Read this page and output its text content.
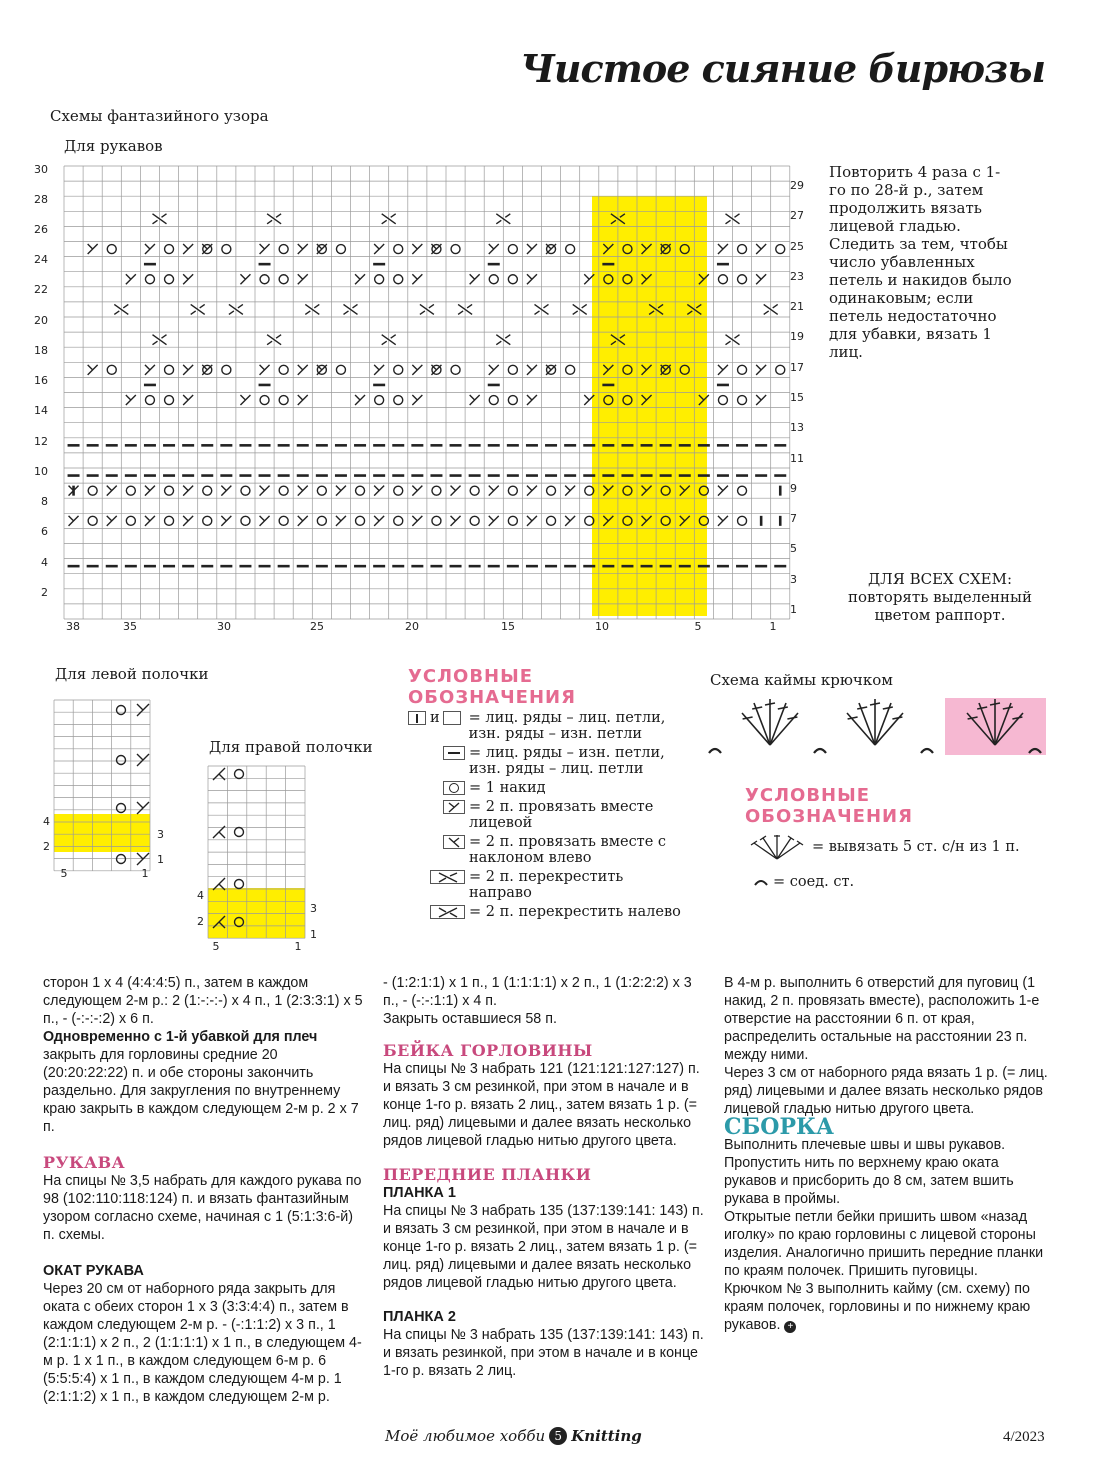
Чистое сияние бирюзы
Схемы фантазийного узора
Для рукавов
30
28
26
24
22
20
18
16
14
12
10
8
6
4
2
29
27
25
23
21
19
17
15
13
11
9
7
5
3
1
38	35	30	25	20	15	10	5	1
Повторить 4 раза с 1-го по 28-й р., затем продолжить вязать лицевой гладью. Следить за тем, чтобы число убавленных петель и накидов было одинаковым; если петель недостаточно для убавки, вязать 1 лиц.
ДЛЯ ВСЕХ СХЕМ: повторять выделенный цветом раппорт.
Для левой полочки
4
2
3
1
5	1
Для правой полочки
4
2
3
1
5	1
УСЛОВНЫЕ ОБОЗНАЧЕНИЯ
и = лиц. ряды – лиц. петли, изн. ряды – изн. петли
= лиц. ряды – изн. петли, изн. ряды – лиц. петли
= 1 накид
= 2 п. провязать вместе лицевой
= 2 п. провязать вместе с наклоном влево
= 2 п. перекрестить направо
= 2 п. перекрестить налево
Схема каймы крючком
УСЛОВНЫЕ ОБОЗНАЧЕНИЯ
= вывязать 5 ст. с/н из 1 п.
= соед. ст.

сторон 1 х 4 (4:4:4:5) п., затем в каждом следующем 2-м р.: 2 (1:-:-:-) х 4 п., 1 (2:3:3:1) х 5 п., - (-:-:-:2) х 6 п.

Одновременно с 1-й убавкой для плеч

закрыть для горловины средние 20 (20:20:22:22) п. и обе стороны закончить раздельно. Для закругления по внутреннему краю закрыть в каждом следующем 2-м р. 2 х 7 п.

РУКАВА

На спицы № 3,5 набрать для каждого рукава по 98 (102:110:118:124) п. и вязать фантазийным узором согласно схеме, начиная с 1 (5:1:3:6-й) п. схемы.

ОКАТ РУКАВА

Через 20 см от наборного ряда закрыть для оката с обеих сторон 1 х 3 (3:3:4:4) п., затем в каждом следующем 2-м р. - (-:1:1:2) х 3 п., 1 (2:1:1:1) х 2 п., 2 (1:1:1:1) х 1 п., в следующем 4-м р. 1 х 1 п., в каждом следующем 6-м р. 6 (5:5:5:4) х 1 п., в каждом следующем 4-м р. 1 (2:1:1:2) х 1 п., в каждом следующем 2-м р.

- (1:2:1:1) х 1 п., 1 (1:1:1:1) х 2 п., 1 (1:2:2:2) х 3 п., - (-:-:1:1) х 4 п.

Закрыть оставшиеся 58 п.

БЕЙКА ГОРЛОВИНЫ

На спицы № 3 набрать 121 (121:121:127:127) п. и вязать 3 см резинкой, при этом в начале и в конце 1-го р. вязать 2 лиц., затем вязать 1 р. (= лиц. ряд) лицевыми и далее вязать несколько рядов лицевой гладью нитью другого цвета.

ПЕРЕДНИЕ ПЛАНКИ

ПЛАНКА 1

На спицы № 3 набрать 135 (137:139:141: 143) п. и вязать 3 см резинкой, при этом в начале и в конце 1-го р. вязать 2 лиц., затем вязать 1 р. (= лиц. ряд) лицевыми и далее вязать несколько рядов лицевой гладью нитью другого цвета.

ПЛАНКА 2

На спицы № 3 набрать 135 (137:139:141: 143) п. и вязать резинкой, при этом в начале и в конце 1-го р. вязать 2 лиц.

В 4-м р. выполнить 6 отверстий для пуговиц (1 накид, 2 п. провязать вместе), расположить 1-е отверстие на расстоянии 6 п. от края, распределить остальные на расстоянии 23 п. между ними.

Через 3 см от наборного ряда вязать 1 р. (= лиц. ряд) лицевыми и далее вязать несколько рядов лицевой гладью нитью другого цвета.

СБОРКА

Выполнить плечевые швы и швы рукавов. Пропустить нить по верхнему краю оката рукавов и присборить до 8 см, затем вшить рукава в проймы.

Открытые петли бейки пришить швом «назад иголку» по краю горловины с лицевой стороны изделия. Аналогично пришить передние планки по краям полочек. Пришить пуговицы.

Крючком № 3 выполнить кайму (см. схему) по краям полочек, горловины и по нижнему краю рукавов. +

Моё любимое хобби 5 Knitting	4/2023
